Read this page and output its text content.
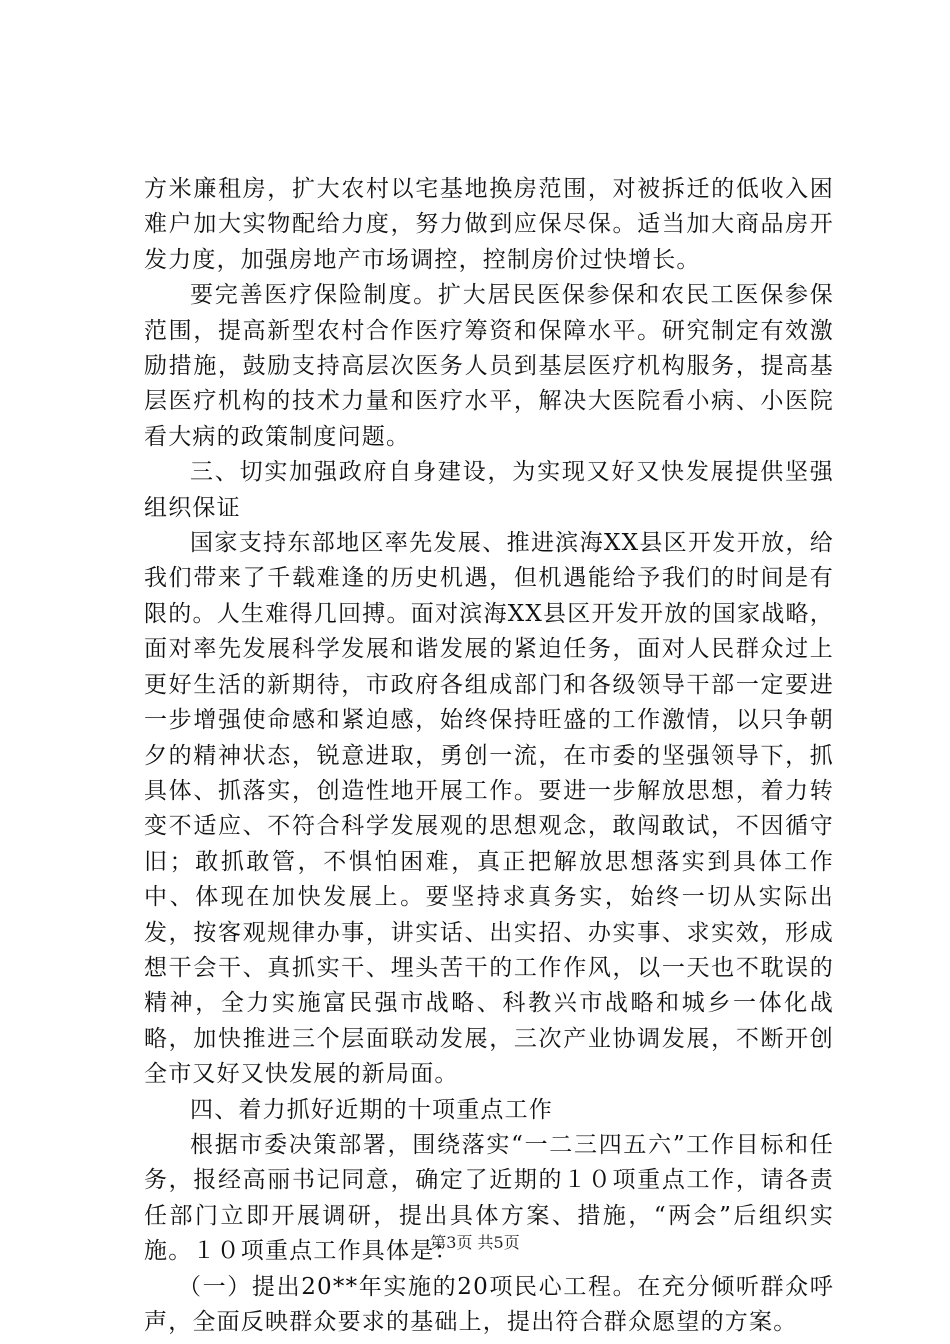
方米廉租房，扩大农村以宅基地换房范围，对被拆迁的低收入困难户加大实物配给力度，努力做到应保尽保。适当加大商品房开发力度，加强房地产市场调控，控制房价过快增长。

要完善医疗保险制度。扩大居民医保参保和农民工医保参保范围，提高新型农村合作医疗筹资和保障水平。研究制定有效激励措施，鼓励支持高层次医务人员到基层医疗机构服务，提高基层医疗机构的技术力量和医疗水平，解决大医院看小病、小医院看大病的政策制度问题。

三、切实加强政府自身建设，为实现又好又快发展提供坚强组织保证

国家支持东部地区率先发展、推进滨海XX县区开发开放，给我们带来了千载难逢的历史机遇，但机遇能给予我们的时间是有限的。人生难得几回搏。面对滨海XX县区开发开放的国家战略，面对率先发展科学发展和谐发展的紧迫任务，面对人民群众过上更好生活的新期待，市政府各组成部门和各级领导干部一定要进一步增强使命感和紧迫感，始终保持旺盛的工作激情，以只争朝夕的精神状态，锐意进取，勇创一流，在市委的坚强领导下，抓具体、抓落实，创造性地开展工作。要进一步解放思想，着力转变不适应、不符合科学发展观的思想观念，敢闯敢试，不因循守旧；敢抓敢管，不惧怕困难，真正把解放思想落实到具体工作中、体现在加快发展上。要坚持求真务实，始终一切从实际出发，按客观规律办事，讲实话、出实招、办实事、求实效，形成想干会干、真抓实干、埋头苦干的工作作风，以一天也不耽误的精神，全力实施富民强市战略、科教兴市战略和城乡一体化战略，加快推进三个层面联动发展，三次产业协调发展，不断开创全市又好又快发展的新局面。

四、着力抓好近期的十项重点工作

根据市委决策部署，围绕落实“一二三四五六”工作目标和任务，报经高丽书记同意，确定了近期的１０项重点工作，请各责任部门立即开展调研，提出具体方案、措施，“两会”后组织实施。１０项重点工作具体是：

（一）提出20**年实施的20项民心工程。在充分倾听群众呼声，全面反映群众要求的基础上，提出符合群众愿望的方案。

第3页 共5页
